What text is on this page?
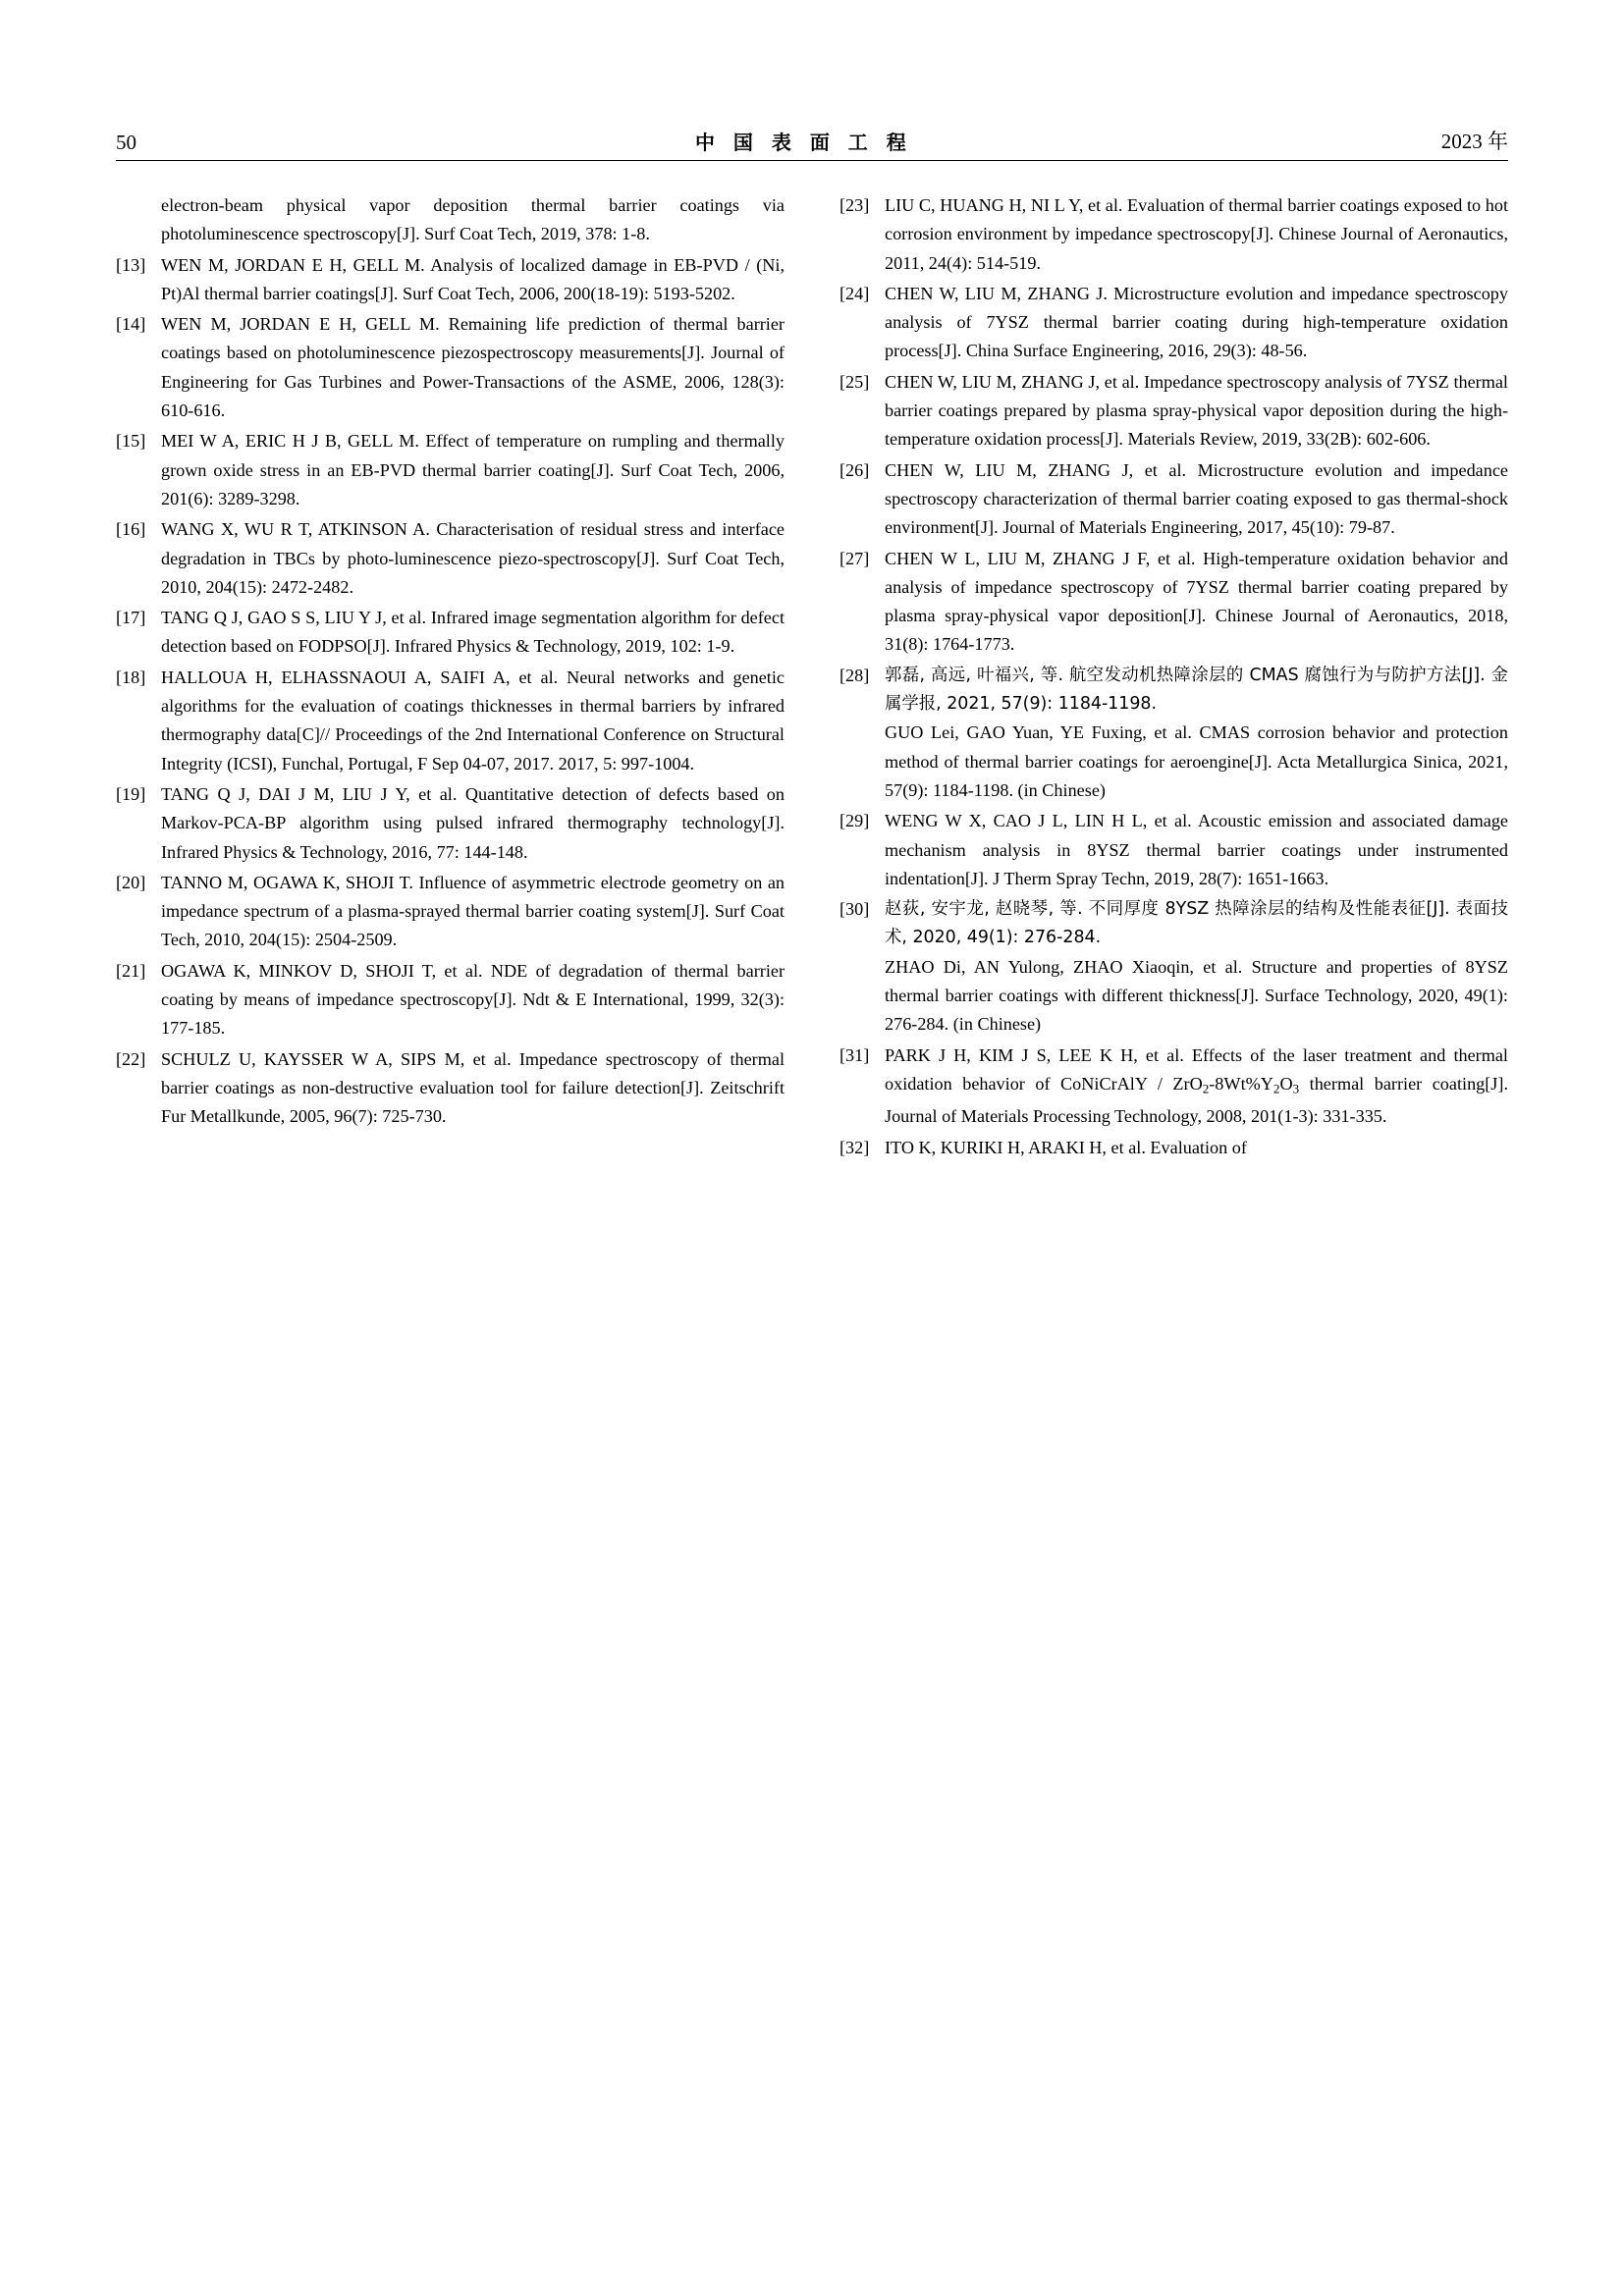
50	中 国 表 面 工 程	2023 年
electron-beam physical vapor deposition thermal barrier coatings via photoluminescence spectroscopy[J]. Surf Coat Tech, 2019, 378: 1-8.
[13] WEN M, JORDAN E H, GELL M. Analysis of localized damage in EB-PVD / (Ni, Pt)Al thermal barrier coatings[J]. Surf Coat Tech, 2006, 200(18-19): 5193-5202.
[14] WEN M, JORDAN E H, GELL M. Remaining life prediction of thermal barrier coatings based on photoluminescence piezospectroscopy measurements[J]. Journal of Engineering for Gas Turbines and Power-Transactions of the ASME, 2006, 128(3): 610-616.
[15] MEI W A, ERIC H J B, GELL M. Effect of temperature on rumpling and thermally grown oxide stress in an EB-PVD thermal barrier coating[J]. Surf Coat Tech, 2006, 201(6): 3289-3298.
[16] WANG X, WU R T, ATKINSON A. Characterisation of residual stress and interface degradation in TBCs by photo-luminescence piezo-spectroscopy[J]. Surf Coat Tech, 2010, 204(15): 2472-2482.
[17] TANG Q J, GAO S S, LIU Y J, et al. Infrared image segmentation algorithm for defect detection based on FODPSO[J]. Infrared Physics & Technology, 2019, 102: 1-9.
[18] HALLOUA H, ELHASSNAOUI A, SAIFI A, et al. Neural networks and genetic algorithms for the evaluation of coatings thicknesses in thermal barriers by infrared thermography data[C]// Proceedings of the 2nd International Conference on Structural Integrity (ICSI), Funchal, Portugal, F Sep 04-07, 2017. 2017, 5: 997-1004.
[19] TANG Q J, DAI J M, LIU J Y, et al. Quantitative detection of defects based on Markov-PCA-BP algorithm using pulsed infrared thermography technology[J]. Infrared Physics & Technology, 2016, 77: 144-148.
[20] TANNO M, OGAWA K, SHOJI T. Influence of asymmetric electrode geometry on an impedance spectrum of a plasma-sprayed thermal barrier coating system[J]. Surf Coat Tech, 2010, 204(15): 2504-2509.
[21] OGAWA K, MINKOV D, SHOJI T, et al. NDE of degradation of thermal barrier coating by means of impedance spectroscopy[J]. Ndt & E International, 1999, 32(3): 177-185.
[22] SCHULZ U, KAYSSER W A, SIPS M, et al. Impedance spectroscopy of thermal barrier coatings as non-destructive evaluation tool for failure detection[J]. Zeitschrift Fur Metallkunde, 2005, 96(7): 725-730.
[23] LIU C, HUANG H, NI L Y, et al. Evaluation of thermal barrier coatings exposed to hot corrosion environment by impedance spectroscopy[J]. Chinese Journal of Aeronautics, 2011, 24(4): 514-519.
[24] CHEN W, LIU M, ZHANG J. Microstructure evolution and impedance spectroscopy analysis of 7YSZ thermal barrier coating during high-temperature oxidation process[J]. China Surface Engineering, 2016, 29(3): 48-56.
[25] CHEN W, LIU M, ZHANG J, et al. Impedance spectroscopy analysis of 7YSZ thermal barrier coatings prepared by plasma spray-physical vapor deposition during the high-temperature oxidation process[J]. Materials Review, 2019, 33(2B): 602-606.
[26] CHEN W, LIU M, ZHANG J, et al. Microstructure evolution and impedance spectroscopy characterization of thermal barrier coating exposed to gas thermal-shock environment[J]. Journal of Materials Engineering, 2017, 45(10): 79-87.
[27] CHEN W L, LIU M, ZHANG J F, et al. High-temperature oxidation behavior and analysis of impedance spectroscopy of 7YSZ thermal barrier coating prepared by plasma spray-physical vapor deposition[J]. Chinese Journal of Aeronautics, 2018, 31(8): 1764-1773.
[28] 郭磊, 高远, 叶福兴, 等. 航空发动机热障涂层的 CMAS 腐蚀行为与防护方法[J]. 金属学报, 2021, 57(9): 1184-1198.
GUO Lei, GAO Yuan, YE Fuxing, et al. CMAS corrosion behavior and protection method of thermal barrier coatings for aeroengine[J]. Acta Metallurgica Sinica, 2021, 57(9): 1184-1198. (in Chinese)
[29] WENG W X, CAO J L, LIN H L, et al. Acoustic emission and associated damage mechanism analysis in 8YSZ thermal barrier coatings under instrumented indentation[J]. J Therm Spray Techn, 2019, 28(7): 1651-1663.
[30] 赵荻, 安宇龙, 赵晓琴, 等. 不同厚度 8YSZ 热障涂层的结构及性能表征[J]. 表面技术, 2020, 49(1): 276-284.
ZHAO Di, AN Yulong, ZHAO Xiaoqin, et al. Structure and properties of 8YSZ thermal barrier coatings with different thickness[J]. Surface Technology, 2020, 49(1): 276-284. (in Chinese)
[31] PARK J H, KIM J S, LEE K H, et al. Effects of the laser treatment and thermal oxidation behavior of CoNiCrAlY / $ZrO_2-8Wt\%Y_2O_3$ thermal barrier coating[J]. Journal of Materials Processing Technology, 2008, 201(1-3): 331-335.
[32] ITO K, KURIKI H, ARAKI H, et al. Evaluation of
